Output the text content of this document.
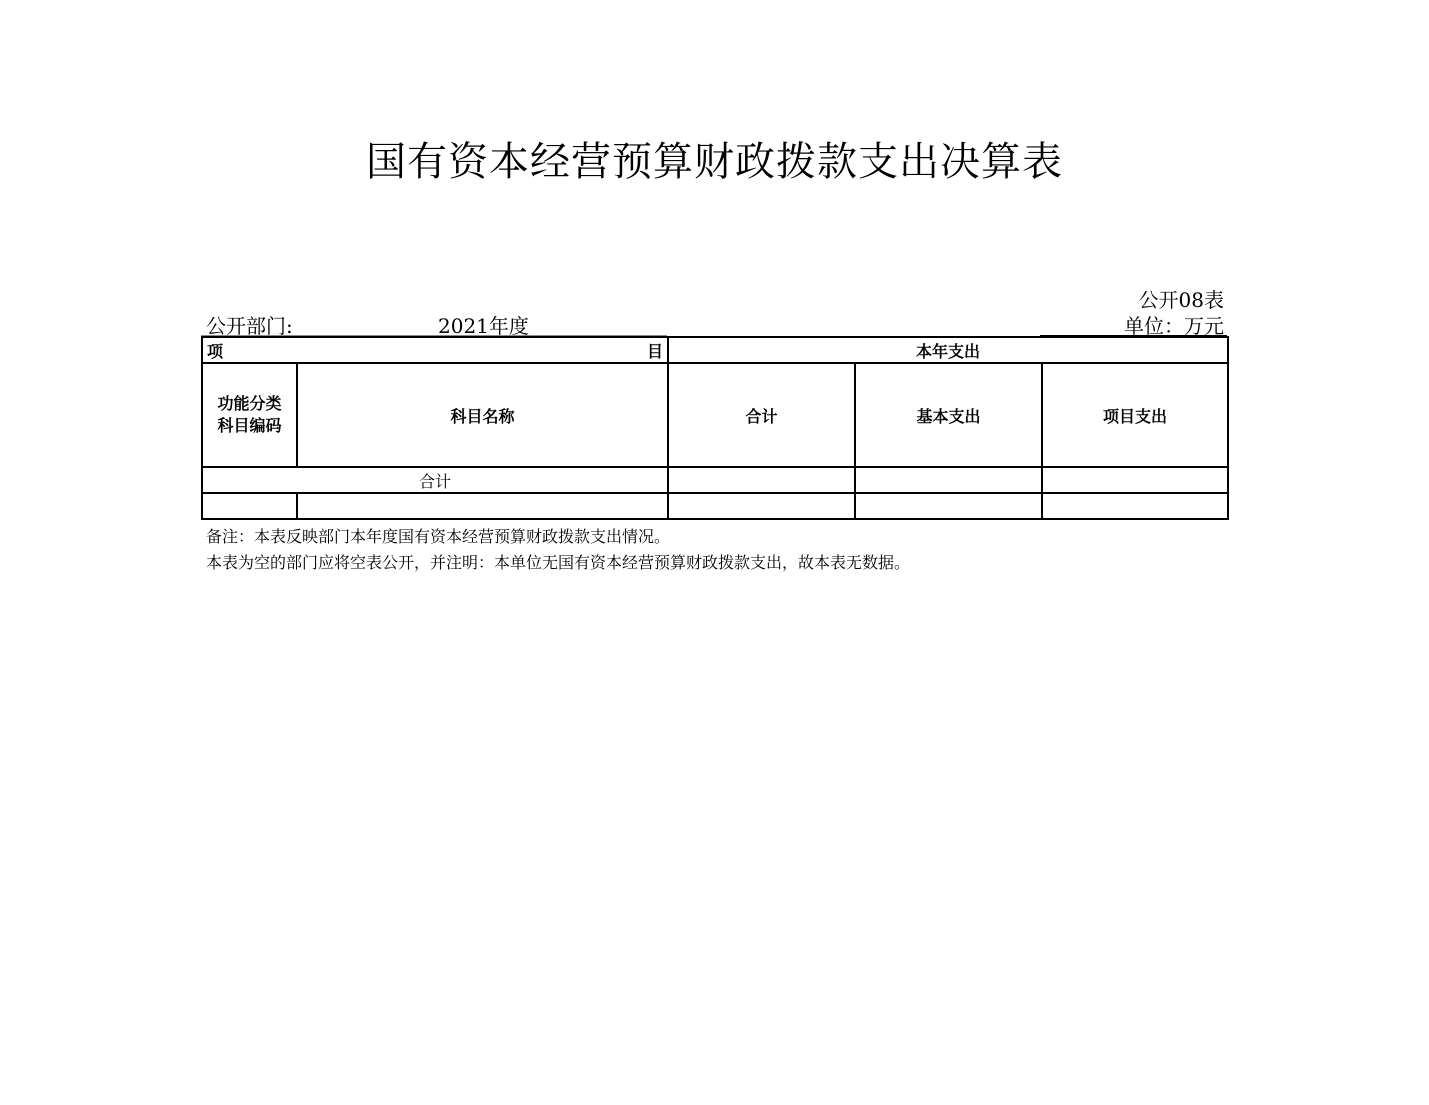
国有资本经营预算财政拨款支出决算表
公开08表
公开部门:	2021年度	单位：万元
项 目		本年支出		

功能分类
科目编码	科目名称	合计	基本支出	项目支出
合计				

备注：本表反映部门本年度国有资本经营预算财政拨款支出情况。
本表为空的部门应将空表公开，并注明：本单位无国有资本经营预算财政拨款支出，故本表无数据。
